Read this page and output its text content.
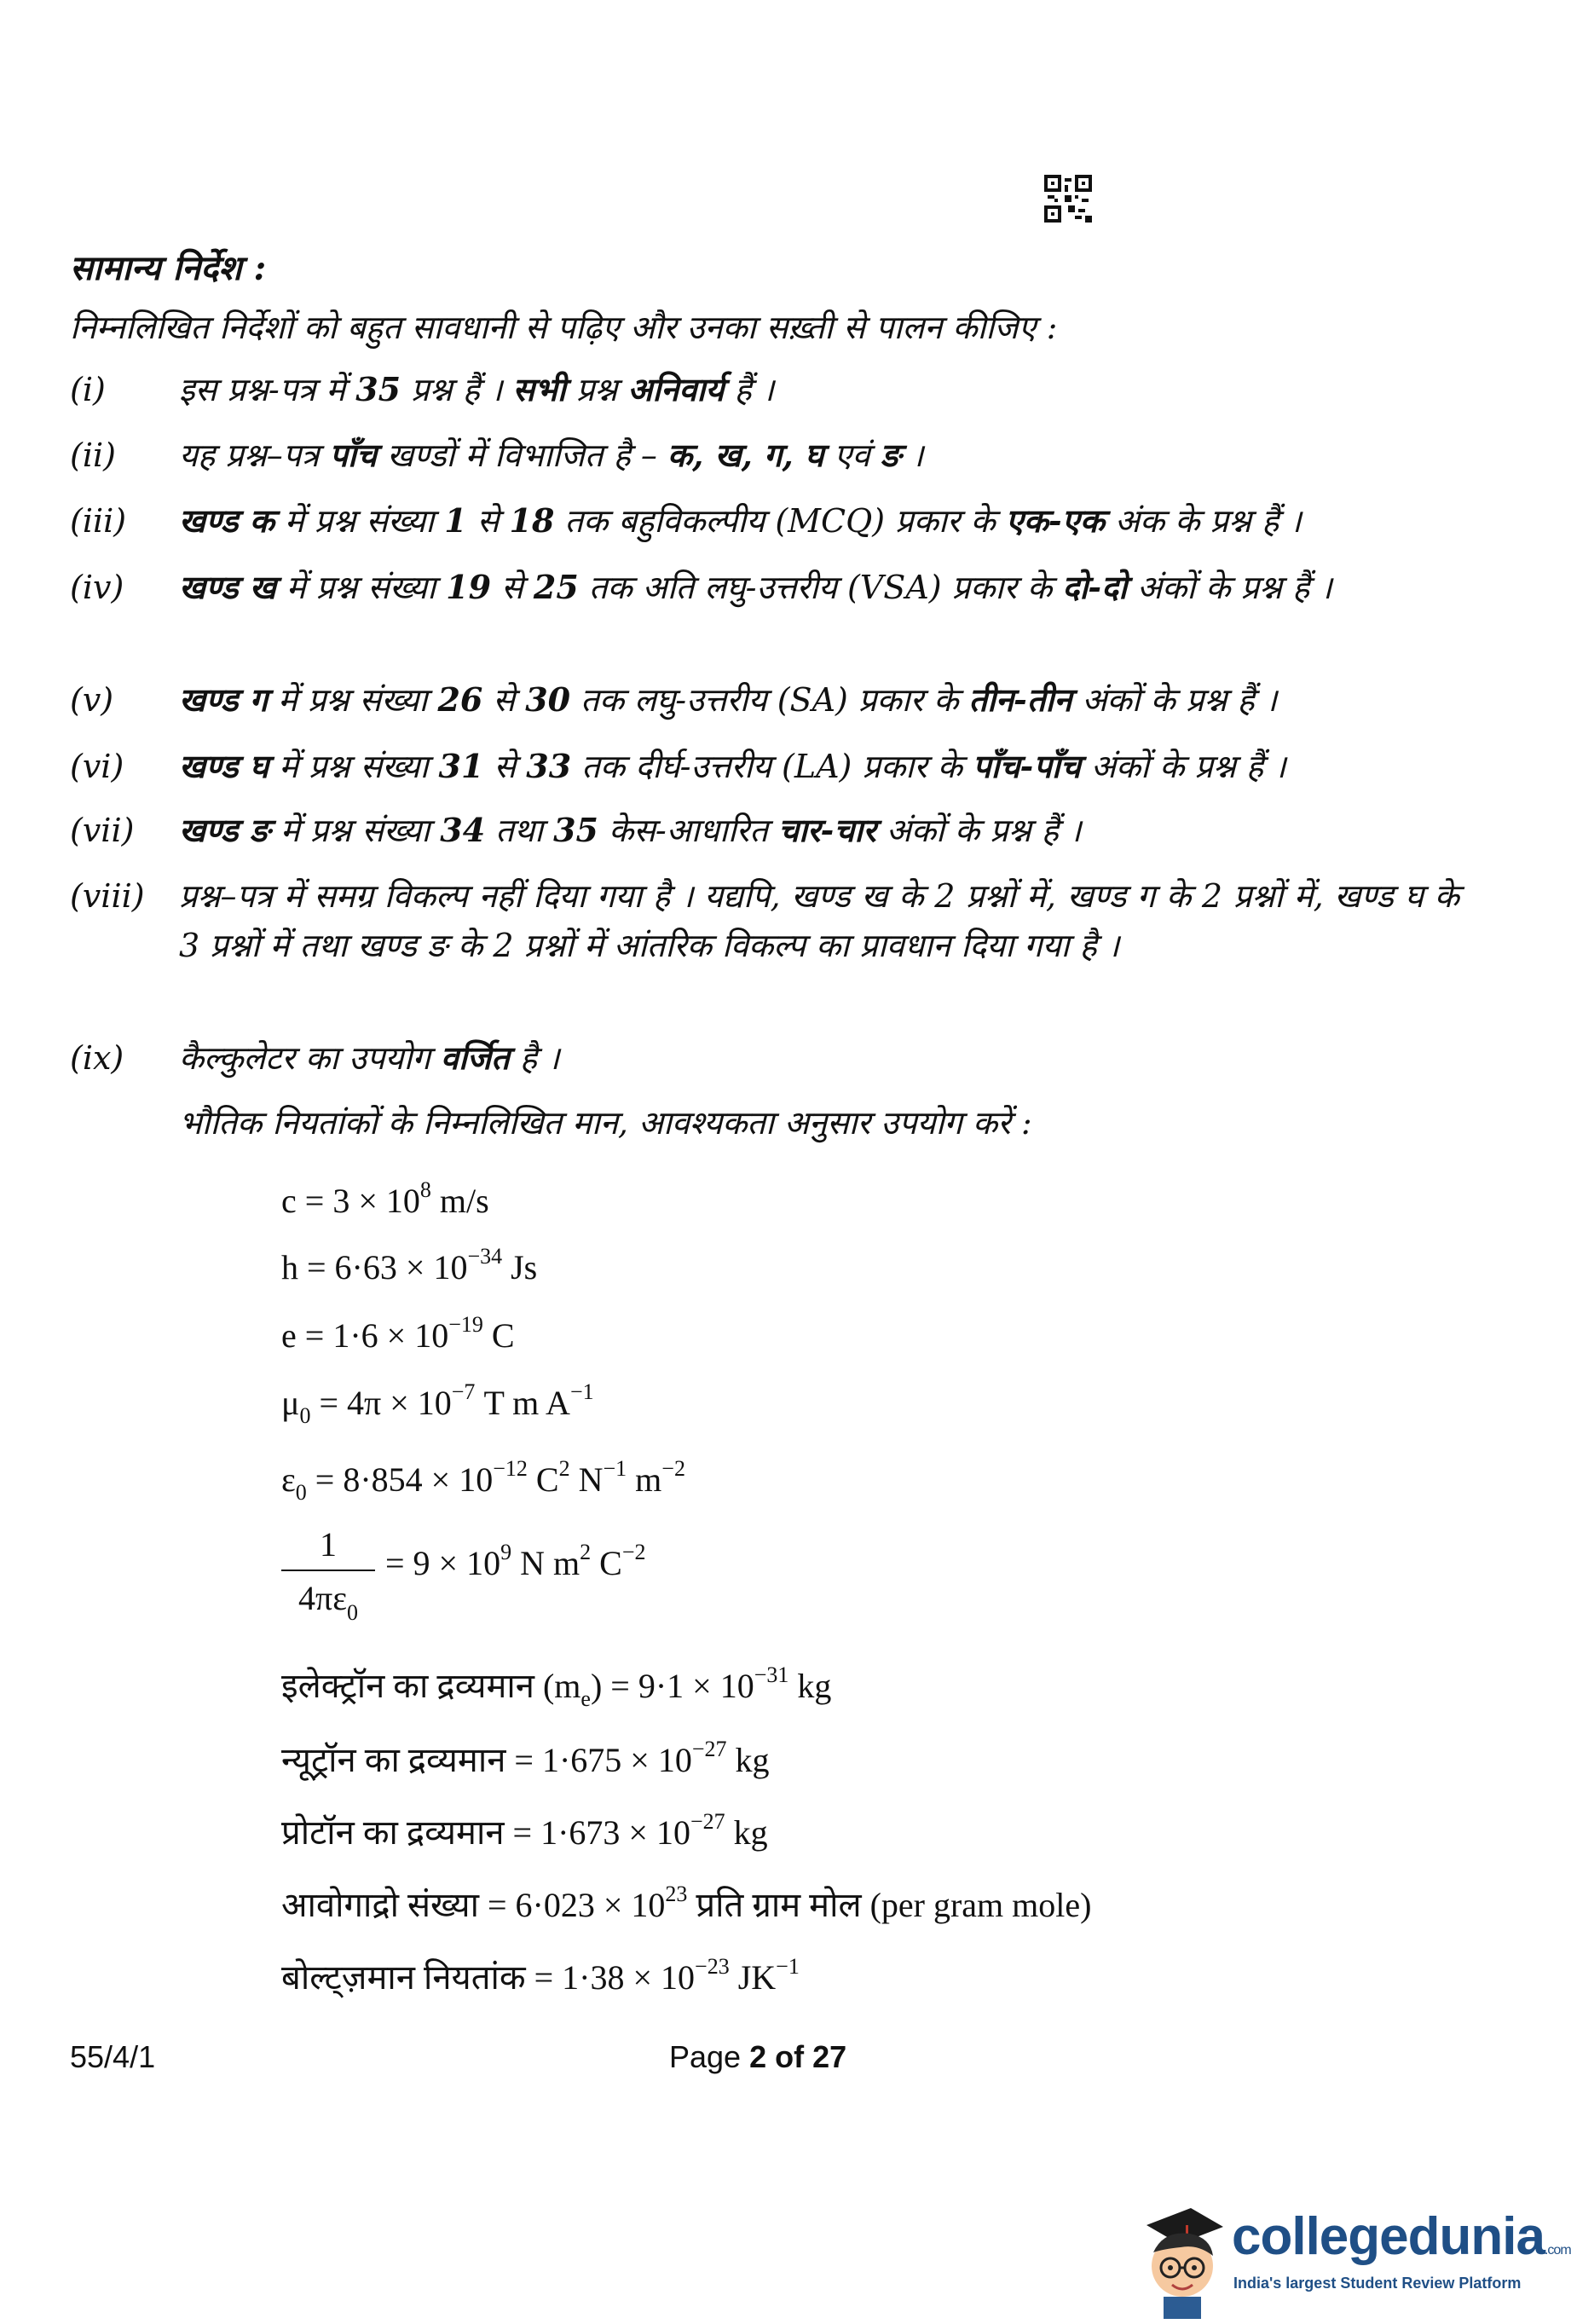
सामान्य निर्देश :
निम्नलिखित निर्देशों को बहुत सावधानी से पढ़िए और उनका सख़्ती से पालन कीजिए :
(i) इस प्रश्न-पत्र में 35 प्रश्न हैं । सभी प्रश्न अनिवार्य हैं ।
(ii) यह प्रश्न–पत्र पाँच खण्डों में विभाजित है – क, ख, ग, घ एवं ङ ।
(iii) खण्ड क में प्रश्न संख्या 1 से 18 तक बहुविकल्पीय (MCQ) प्रकार के एक-एक अंक के प्रश्न हैं ।
(iv) खण्ड ख में प्रश्न संख्या 19 से 25 तक अति लघु-उत्तरीय (VSA) प्रकार के दो-दो अंकों के प्रश्न हैं ।
(v) खण्ड ग में प्रश्न संख्या 26 से 30 तक लघु-उत्तरीय (SA) प्रकार के तीन-तीन अंकों के प्रश्न हैं ।
(vi) खण्ड घ में प्रश्न संख्या 31 से 33 तक दीर्घ-उत्तरीय (LA) प्रकार के पाँच-पाँच अंकों के प्रश्न हैं ।
(vii) खण्ड ङ में प्रश्न संख्या 34 तथा 35 केस-आधारित चार-चार अंकों के प्रश्न हैं ।
(viii) प्रश्न–पत्र में समग्र विकल्प नहीं दिया गया है । यद्यपि, खण्ड ख के 2 प्रश्नों में, खण्ड ग के 2 प्रश्नों में, खण्ड घ के 3 प्रश्नों में तथा खण्ड ङ के 2 प्रश्नों में आंतरिक विकल्प का प्रावधान दिया गया है ।
(ix) कैल्कुलेटर का उपयोग वर्जित है ।
भौतिक नियतांकों के निम्नलिखित मान, आवश्यकता अनुसार उपयोग करें :
$c = 3 \times 10^8$ m/s
$h = 6\cdot 63 \times 10^{-34}$ Js
$e = 1\cdot 6 \times 10^{-19}$ C
$\mu_0 = 4\pi \times 10^{-7}$ T m $A^{-1}$
$\varepsilon_0 = 8\cdot 854 \times 10^{-12}$ $C^2$ $N^{-1}$ $m^{-2}$
1
$4\pi\varepsilon_0$
= $9 \times 10^9$ N $m^2$ $C^{-2}$
इलेक्ट्रॉन का द्रव्यमान $(m_e) = 9\cdot 1 \times 10^{-31}$ kg
न्यूट्रॉन का द्रव्यमान = $1\cdot 675 \times 10^{-27}$ kg
प्रोटॉन का द्रव्यमान = $1\cdot 673 \times 10^{-27}$ kg
आवोगाद्रो संख्या = $6\cdot 023 \times 10^{23}$ प्रति ग्राम मोल (per gram mole)
बोल्ट्ज़मान नियतांक = $1\cdot 38 \times 10^{-23}$ $JK^{-1}$
55/4/1	Page 2 of 27
collegedunia.com
India's largest Student Review Platform
